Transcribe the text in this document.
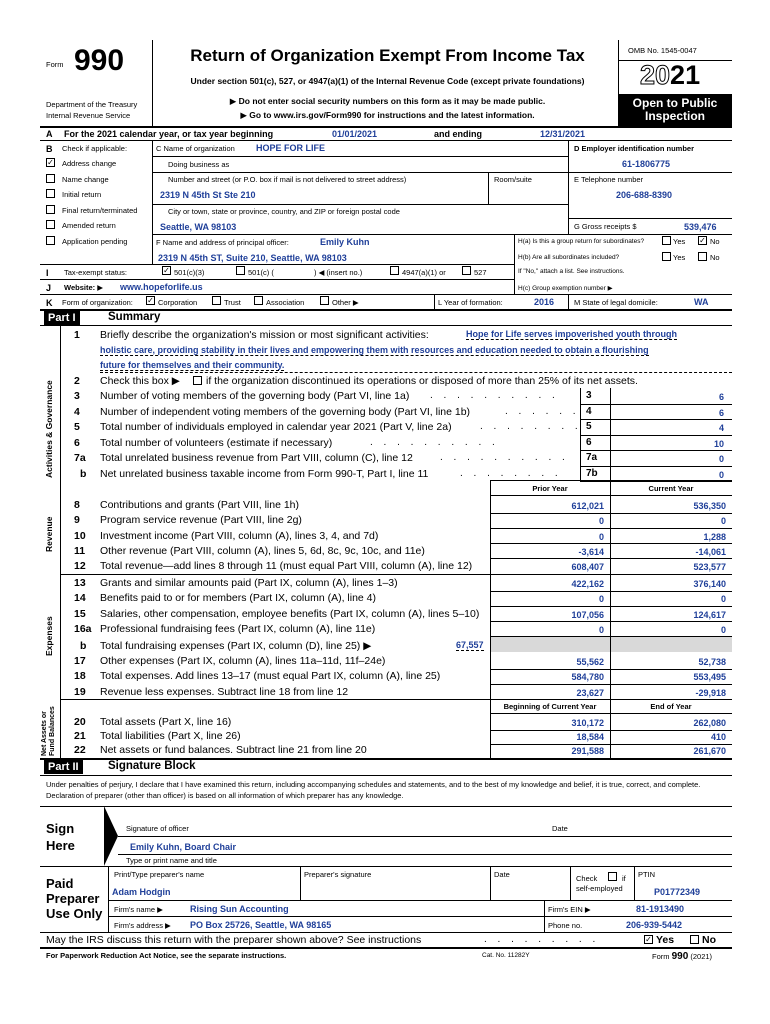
Form 990
Department of the Treasury
Internal Revenue Service
Return of Organization Exempt From Income Tax
Under section 501(c), 527, or 4947(a)(1) of the Internal Revenue Code (except private foundations)
▶ Do not enter social security numbers on this form as it may be made public.
▶ Go to www.irs.gov/Form990 for instructions and the latest information.
OMB No. 1545-0047
2021
Open to Public
Inspection
A For the 2021 calendar year, or tax year beginning	01/01/2021	and ending	12/31/2021
B Check if applicable:
✓ Address change
Name change
Initial return
Final return/terminated
Amended return
Application pending
C Name of organization HOPE FOR LIFE
Doing business as
Number and street (or P.O. box if mail is not delivered to street address)	Room/suite
2319 N 45th St Ste 210
City or town, state or province, country, and ZIP or foreign postal code
Seattle, WA 98103
D Employer identification number
61-1806775
E Telephone number
206-688-8390
G Gross receipts $	539,476
F Name and address of principal officer:	Emily Kuhn
2319 N 45th ST, Suite 210, Seattle, WA 98103
H(a) Is this a group return for subordinates?	Yes ✓ No
H(b) Are all subordinates included?	Yes	No
If "No," attach a list. See instructions.
H(c) Group exemption number ▶
I Tax-exempt status:	✓ 501(c)(3)	501(c) (	) ◀ (insert no.)	4947(a)(1) or	527
J Website: ▶ www.hopeforlife.us
K Form of organization: ✓ Corporation	Trust	Association	Other ▶	L Year of formation:	2016	M State of legal domicile:	WA
Part I	Summary
Activities & Governance
Revenue
Expenses
Net Assets or Fund Balances
1 Briefly describe the organization's mission or most significant activities:	Hope for Life serves impoverished youth through
holistic care, providing stability in their lives and empowering them with resources and education needed to obtain a flourishing
future for themselves and their community.
2 Check this box ▶ if the organization discontinued its operations or disposed of more than 25% of its net assets.
3 Number of voting members of the governing body (Part VI, line 1a) . . . . . . . . . .	3	6
4 Number of independent voting members of the governing body (Part VI, line 1b)	. . . . . . 4	6
5 Total number of individuals employed in calendar year 2021 (Part V, line 2a)	. . . . . . . . 5	4
6 Total number of volunteers (estimate if necessary)	. . . . . . . . . .	6	10
7a Total unrelated business revenue from Part VIII, column (C), line 12	. . . . . . . . . . 7a	0
b Net unrelated business taxable income from Form 990-T, Part I, line 11	. . . . . . . . 7b	0
Prior Year	Current Year
8 Contributions and grants (Part VIII, line 1h)	612,021	536,350
9 Program service revenue (Part VIII, line 2g)	0	0
10 Investment income (Part VIII, column (A), lines 3, 4, and 7d)	0	1,288
11 Other revenue (Part VIII, column (A), lines 5, 6d, 8c, 9c, 10c, and 11e)	-3,614	-14,061
12 Total revenue—add lines 8 through 11 (must equal Part VIII, column (A), line 12)	608,407	523,577
13 Grants and similar amounts paid (Part IX, column (A), lines 1–3)	422,162	376,140
14 Benefits paid to or for members (Part IX, column (A), line 4)	0	0
15 Salaries, other compensation, employee benefits (Part IX, column (A), lines 5–10)	107,056	124,617
16a Professional fundraising fees (Part IX, column (A), line 11e)	0	0
b Total fundraising expenses (Part IX, column (D), line 25) ▶	67,557
17 Other expenses (Part IX, column (A), lines 11a–11d, 11f–24e)	55,562	52,738
18 Total expenses. Add lines 13–17 (must equal Part IX, column (A), line 25)	584,780	553,495
19 Revenue less expenses. Subtract line 18 from line 12	23,627	-29,918
Beginning of Current Year	End of Year
20 Total assets (Part X, line 16)	310,172	262,080
21 Total liabilities (Part X, line 26)	18,584	410
22 Net assets or fund balances. Subtract line 21 from line 20	291,588	261,670
Part II	Signature Block
Under penalties of perjury, I declare that I have examined this return, including accompanying schedules and statements, and to the best of my knowledge and belief, it is true, correct, and complete. Declaration of preparer (other than officer) is based on all information of which preparer has any knowledge.
Sign
Here
Signature of officer	Date
Emily Kuhn, Board Chair
Type or print name and title
Paid
Preparer
Use Only
Print/Type preparer's name	Preparer's signature	Date	Check	if
self-employed
PTIN
Adam Hodgin	P01772349
Firm's name ▶	Rising Sun Accounting	Firm's EIN ▶	81-1913490
Firm's address ▶ PO Box 25726, Seattle, WA 98165	Phone no.	206-939-5442
May the IRS discuss this return with the preparer shown above? See instructions	. . . . . . . . .	✓ Yes	No
For Paperwork Reduction Act Notice, see the separate instructions.	Cat. No. 11282Y	Form 990 (2021)
